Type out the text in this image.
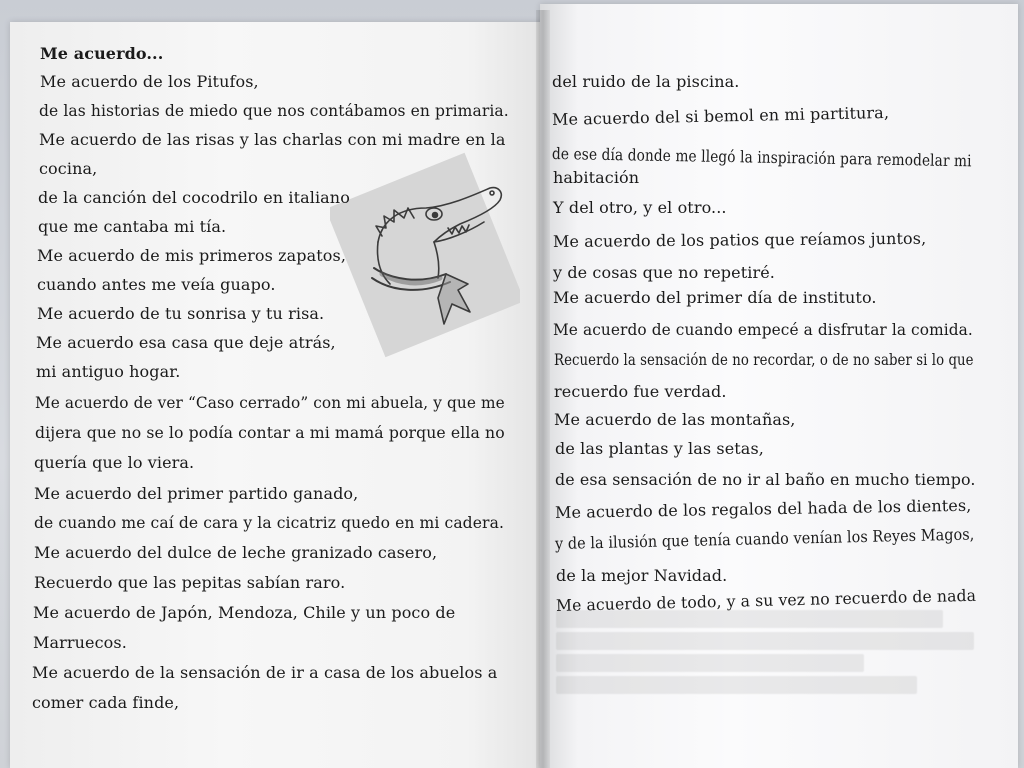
Me acuerdo...
Me acuerdo de los Pitufos,
de las historias de miedo que nos contábamos en primaria.
Me acuerdo de las risas y las charlas con mi madre en la
cocina,
de la canción del cocodrilo en italiano
que me cantaba mi tía.
Me acuerdo de mis primeros zapatos,
cuando antes me veía guapo.
Me acuerdo de tu sonrisa y tu risa.
Me acuerdo esa casa que deje atrás,
mi antiguo hogar.
Me acuerdo de ver “Caso cerrado” con mi abuela, y que me
dijera que no se lo podía contar a mi mamá porque ella no
quería que lo viera.
Me acuerdo del primer partido ganado,
de cuando me caí de cara y la cicatriz quedo en mi cadera.
Me acuerdo del dulce de leche granizado casero,
Recuerdo que las pepitas sabían raro.
Me acuerdo de Japón, Mendoza, Chile y un poco de
Marruecos.
Me acuerdo de la sensación de ir a casa de los abuelos a
comer cada finde,
del ruido de la piscina.
Me acuerdo del si bemol en mi partitura,
de ese día donde me llegó la inspiración para remodelar mi
habitación
Y del otro, y el otro...
Me acuerdo de los patios que reíamos juntos,
y de cosas que no repetiré.
Me acuerdo del primer día de instituto.
Me acuerdo de cuando empecé a disfrutar la comida.
Recuerdo la sensación de no recordar, o de no saber si lo que
recuerdo fue verdad.
Me acuerdo de las montañas,
de las plantas y las setas,
de esa sensación de no ir al baño en mucho tiempo.
Me acuerdo de los regalos del hada de los dientes,
y de la ilusión que tenía cuando venían los Reyes Magos,
de la mejor Navidad.
Me acuerdo de todo, y a su vez no recuerdo de nada
